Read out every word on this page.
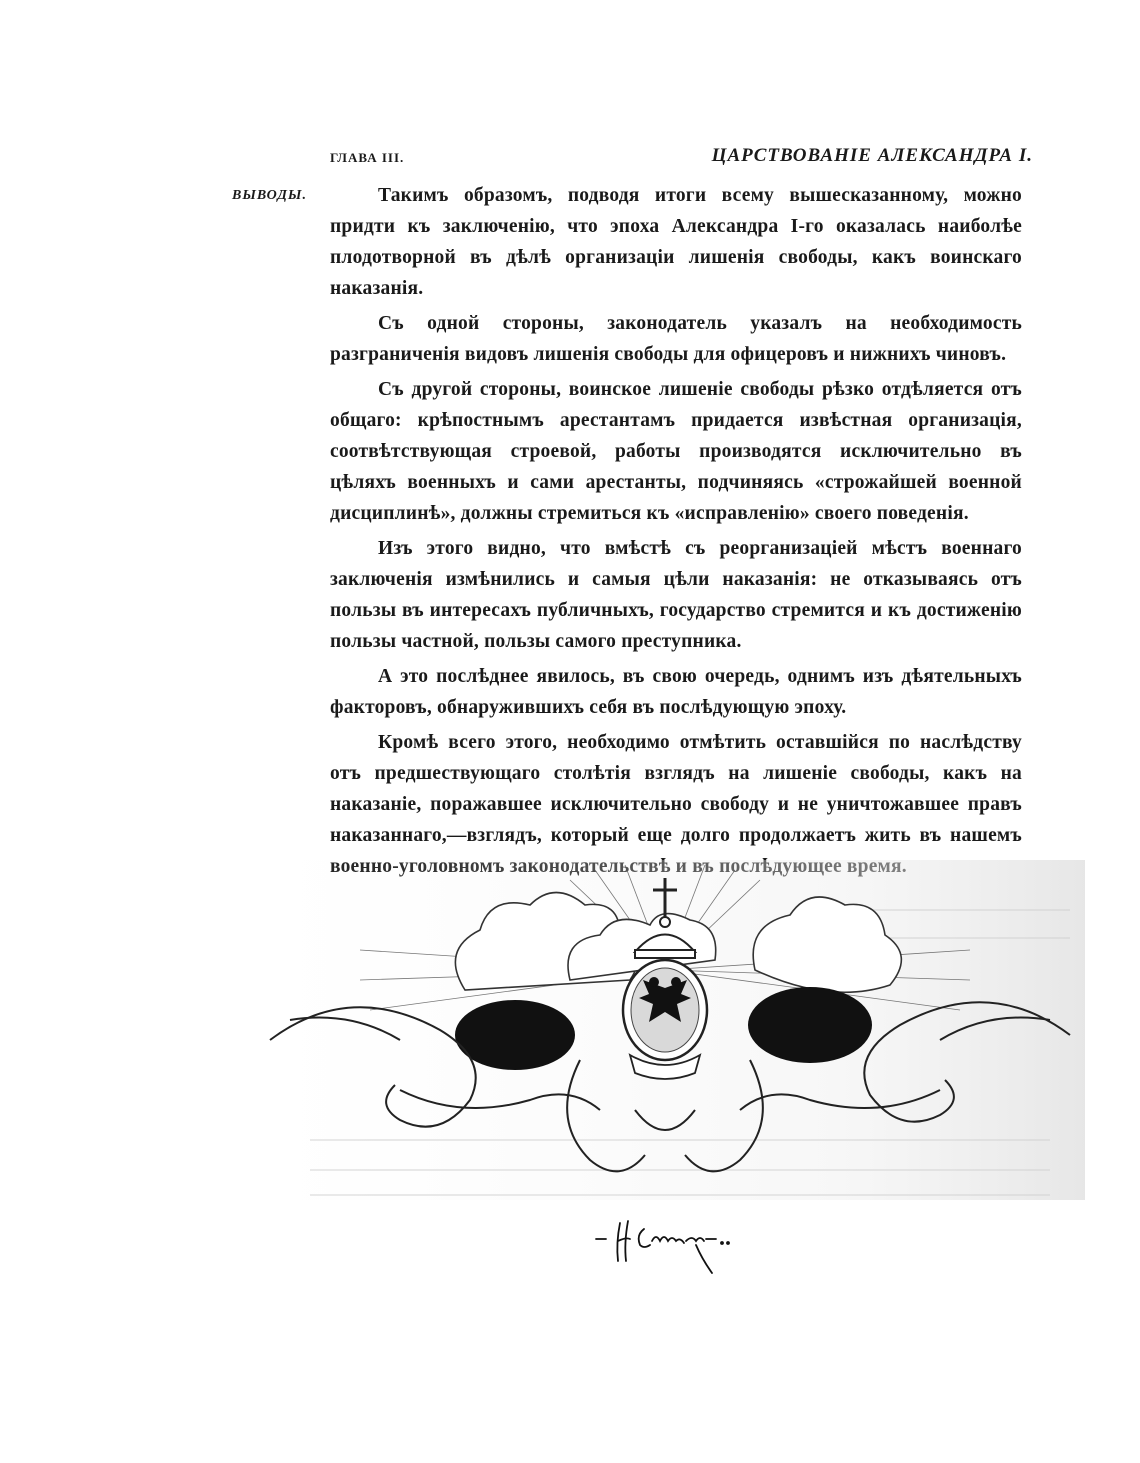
ГЛАВА III.	ЦАРСТВОВАНІЕ АЛЕКСАНДРА I.
ВЫВОДЫ.	Такимъ образомъ, подводя итоги всему вышесказанному, можно придти къ заключенію, что эпоха Александра I-го оказалась наиболѣе плодотворной въ дѣлѣ организаціи лишенія свободы, какъ воинскаго наказанія.

Съ одной стороны, законодатель указалъ на необходимость разграниченія видовъ лишенія свободы для офицеровъ и нижнихъ чиновъ.

Съ другой стороны, воинское лишеніе свободы рѣзко отдѣляется отъ общаго: крѣпостнымъ арестантамъ придается извѣстная организація, соотвѣтствующая строевой, работы производятся исключительно въ цѣляхъ военныхъ и сами арестанты, подчиняясь «строжайшей военной дисциплинѣ», должны стремиться къ «исправленію» своего поведенія.

Изъ этого видно, что вмѣстѣ съ реорганизаціей мѣстъ военнаго заключенія измѣнились и самыя цѣли наказанія: не отказываясь отъ пользы въ интересахъ публичныхъ, государство стремится и къ достиженію пользы частной, пользы самого преступника.

А это послѣднее явилось, въ свою очередь, однимъ изъ дѣятельныхъ факторовъ, обнаружившихъ себя въ послѣдующую эпоху.

Кромѣ всего этого, необходимо отмѣтить оставшійся по наслѣдству отъ предшествующаго столѣтія взглядъ на лишеніе свободы, какъ на наказаніе, поражавшее исключительно свободу и не уничтожавшее правъ наказаннаго,—взглядъ, который еще долго продолжаетъ жить въ нашемъ
